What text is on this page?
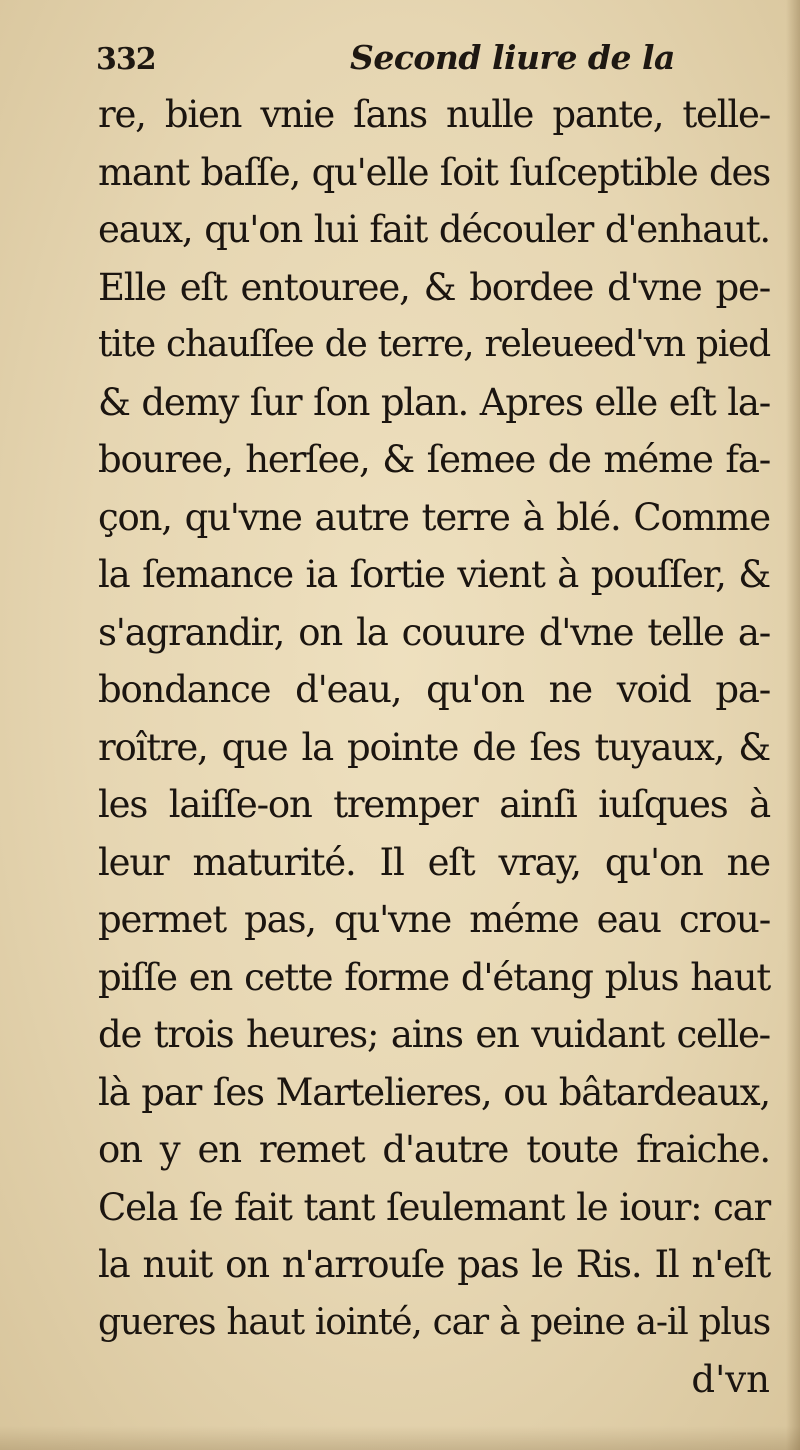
332	Second liure de la
re, bien vnie ſans nulle pante, telle-
mant baſſe, qu'elle ſoit ſuſceptible des
eaux, qu'on lui fait découler d'enhaut.
Elle eſt entouree, & bordee d'vne pe-
tite chauſſee de terre, releueed'vn pied
& demy ſur ſon plan. Apres elle eſt la-
bouree, herſee, & ſemee de méme fa-
çon, qu'vne autre terre à blé. Comme
la ſemance ia ſortie vient à pouſſer, &
s'agrandir, on la couure d'vne telle a-
bondance d'eau, qu'on ne void pa-
roître, que la pointe de ſes tuyaux, &
les laiſſe-on tremper ainſi iuſques à
leur maturité. Il eſt vray, qu'on ne
permet pas, qu'vne méme eau crou-
piſſe en cette forme d'étang plus haut
de trois heures; ains en vuidant celle-
là par ſes Martelieres, ou bâtardeaux,
on y en remet d'autre toute fraiche.
Cela ſe fait tant ſeulemant le iour: car
la nuit on n'arrouſe pas le Ris. Il n'eſt
gueres haut iointé, car à peine a-il plus
d'vn
